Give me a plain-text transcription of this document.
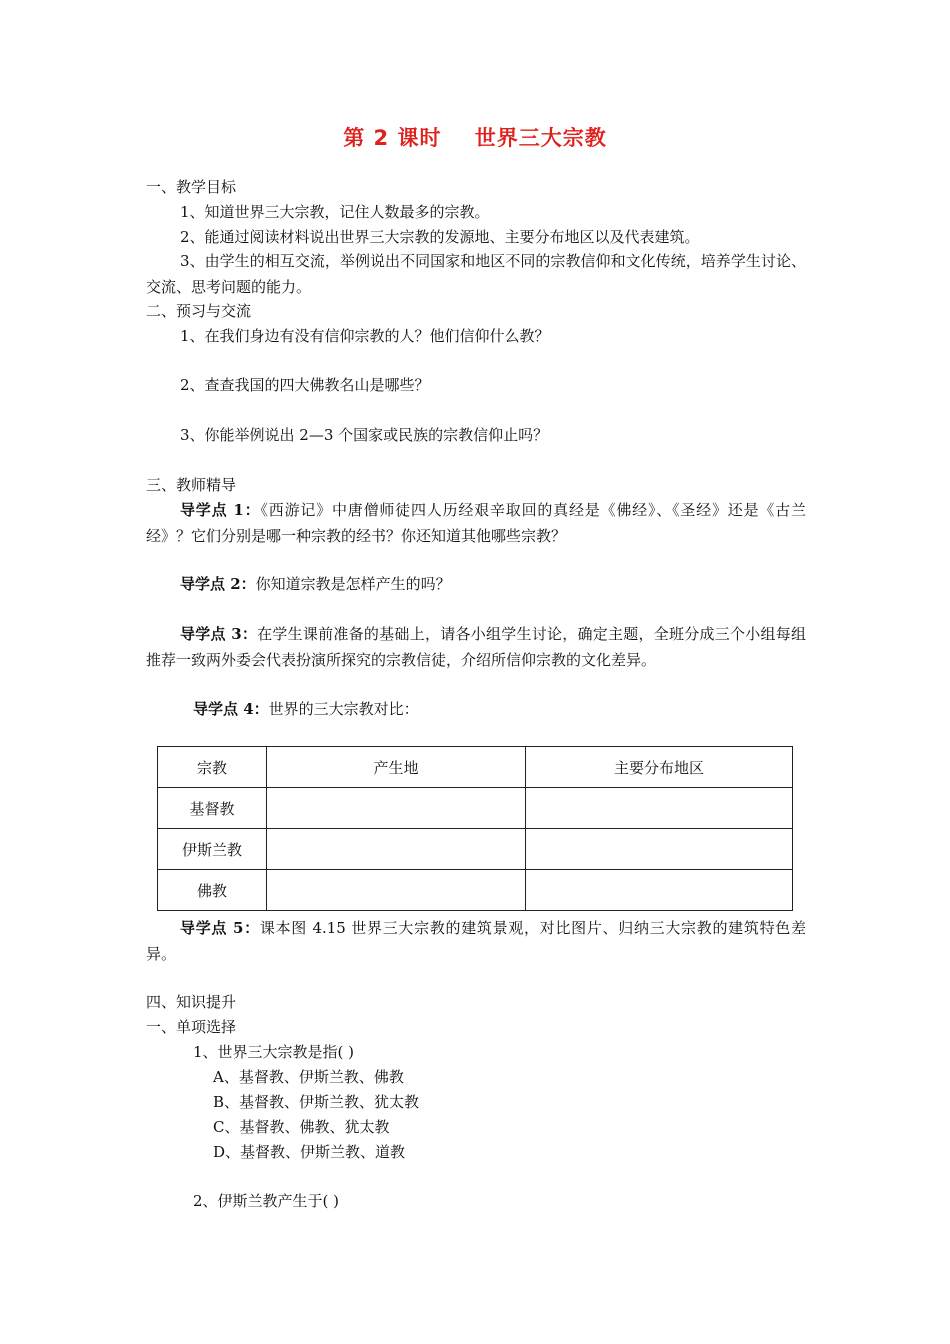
第 2 课时    世界三大宗教
一、教学目标
1、知道世界三大宗教，记住人数最多的宗教。
2、能通过阅读材料说出世界三大宗教的发源地、主要分布地区以及代表建筑。
3、由学生的相互交流，举例说出不同国家和地区不同的宗教信仰和文化传统，培养学生讨论、交流、思考问题的能力。
二、预习与交流
1、在我们身边有没有信仰宗教的人？他们信仰什么教？
2、查查我国的四大佛教名山是哪些？
3、你能举例说出 2—3 个国家或民族的宗教信仰止吗？
三、教师精导
导学点 1：《西游记》中唐僧师徒四人历经艰辛取回的真经是《佛经》、《圣经》还是《古兰经》？它们分别是哪一种宗教的经书？你还知道其他哪些宗教？
导学点 2：你知道宗教是怎样产生的吗？
导学点 3：在学生课前准备的基础上，请各小组学生讨论，确定主题，全班分成三个小组每组推荐一致两外委会代表扮演所探究的宗教信徒，介绍所信仰宗教的文化差异。
导学点 4：世界的三大宗教对比：
宗教	产生地	主要分布地区
基督教		
伊斯兰教		
佛教		
导学点 5：课本图 4.15 世界三大宗教的建筑景观，对比图片、归纳三大宗教的建筑特色差异。
四、知识提升
一、单项选择
1、世界三大宗教是指( )
A、基督教、伊斯兰教、佛教
B、基督教、伊斯兰教、犹太教
C、基督教、佛教、犹太教
D、基督教、伊斯兰教、道教
2、伊斯兰教产生于( )
